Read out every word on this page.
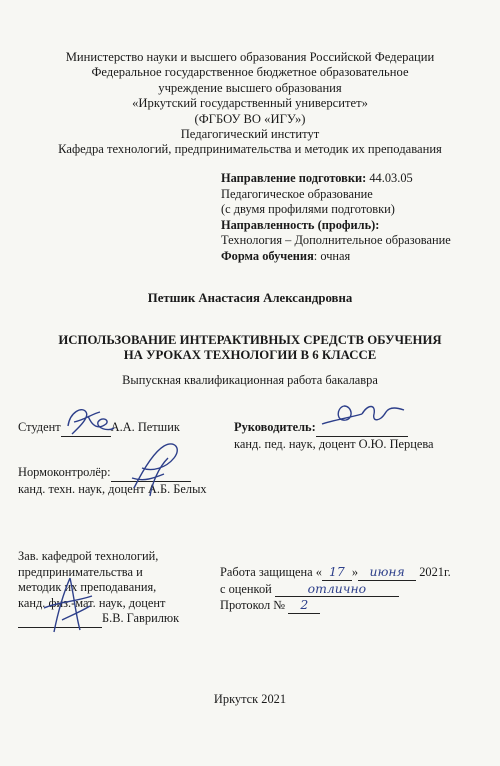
Министерство науки и высшего образования Российской Федерации
Федеральное государственное бюджетное образовательное
учреждение высшего образования
«Иркутский государственный университет»
(ФГБОУ ВО «ИГУ»)
Педагогический институт
Кафедра технологий, предпринимательства и методик их преподавания
Направление подготовки: 44.03.05
Педагогическое образование
(с двумя профилями подготовки)
Направленность (профиль):
Технология – Дополнительное образование
Форма обучения: очная
Петшик Анастасия Александровна
ИСПОЛЬЗОВАНИЕ ИНТЕРАКТИВНЫХ СРЕДСТВ ОБУЧЕНИЯ
НА УРОКАХ ТЕХНОЛОГИИ В 6 КЛАССЕ
Выпускная квалификационная работа бакалавра
Студент	А.А. Петшик	Руководитель:
канд. пед. наук, доцент О.Ю. Перцева
Нормоконтролёр:
канд. техн. наук, доцент А.Б. Белых
Зав. кафедрой технологий,
предпринимательства и
методик их преподавания,
канд. физ.-мат. наук, доцент
Б.В. Гаврилюк
Работа защищена « 17 » июня 2021г.
с оценкой	отлично
Протокол № 2
Иркутск 2021
